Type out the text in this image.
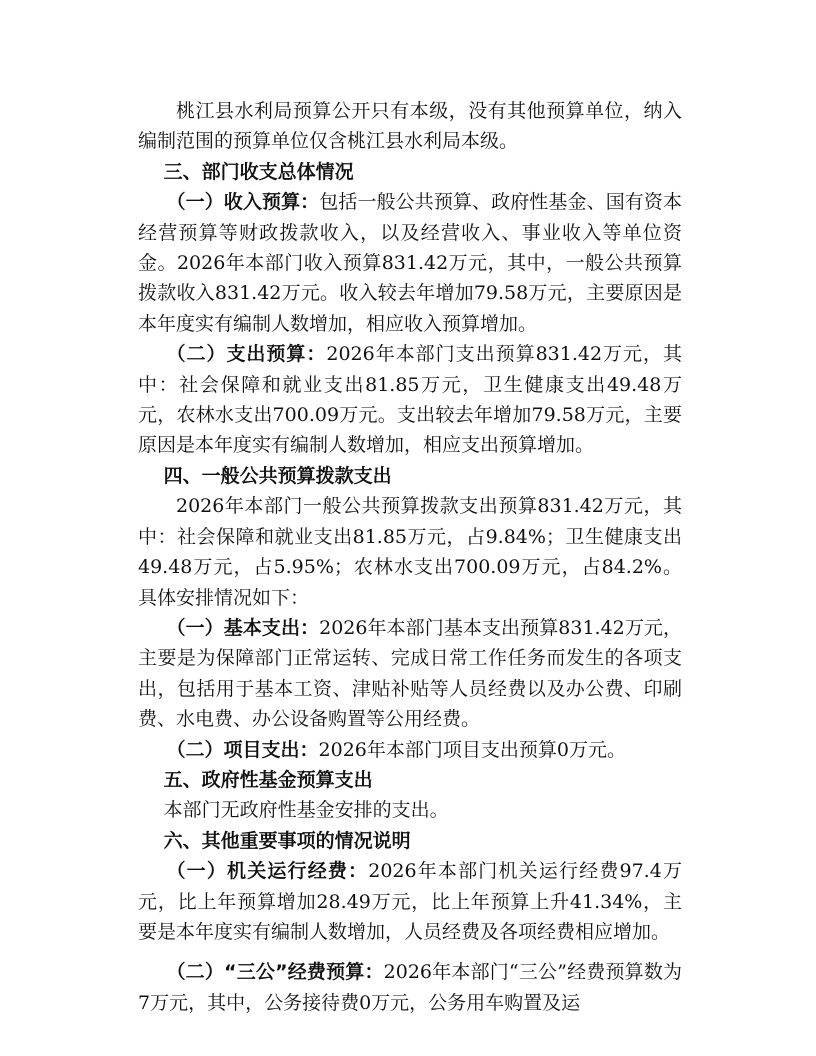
桃江县水利局预算公开只有本级，没有其他预算单位，纳入编制范围的预算单位仅含桃江县水利局本级。

三、部门收支总体情况

（一）收入预算：包括一般公共预算、政府性基金、国有资本经营预算等财政拨款收入，以及经营收入、事业收入等单位资金。2026年本部门收入预算831.42万元，其中，一般公共预算拨款收入831.42万元。收入较去年增加79.58万元，主要原因是本年度实有编制人数增加，相应收入预算增加。

（二）支出预算：2026年本部门支出预算831.42万元，其中：社会保障和就业支出81.85万元，卫生健康支出49.48万元，农林水支出700.09万元。支出较去年增加79.58万元，主要原因是本年度实有编制人数增加，相应支出预算增加。

四、一般公共预算拨款支出

2026年本部门一般公共预算拨款支出预算831.42万元，其中：社会保障和就业支出81.85万元，占9.84%；卫生健康支出49.48万元，占5.95%；农林水支出700.09万元，占84.2%。具体安排情况如下：

（一）基本支出：2026年本部门基本支出预算831.42万元，主要是为保障部门正常运转、完成日常工作任务而发生的各项支出，包括用于基本工资、津贴补贴等人员经费以及办公费、印刷费、水电费、办公设备购置等公用经费。

（二）项目支出：2026年本部门项目支出预算0万元。

五、政府性基金预算支出

本部门无政府性基金安排的支出。

六、其他重要事项的情况说明

（一）机关运行经费：2026年本部门机关运行经费97.4万元，比上年预算增加28.49万元，比上年预算上升41.34%，主要是本年度实有编制人数增加，人员经费及各项经费相应增加。

（二）“三公”经费预算：2026年本部门“三公”经费预算数为7万元，其中，公务接待费0万元，公务用车购置及运
